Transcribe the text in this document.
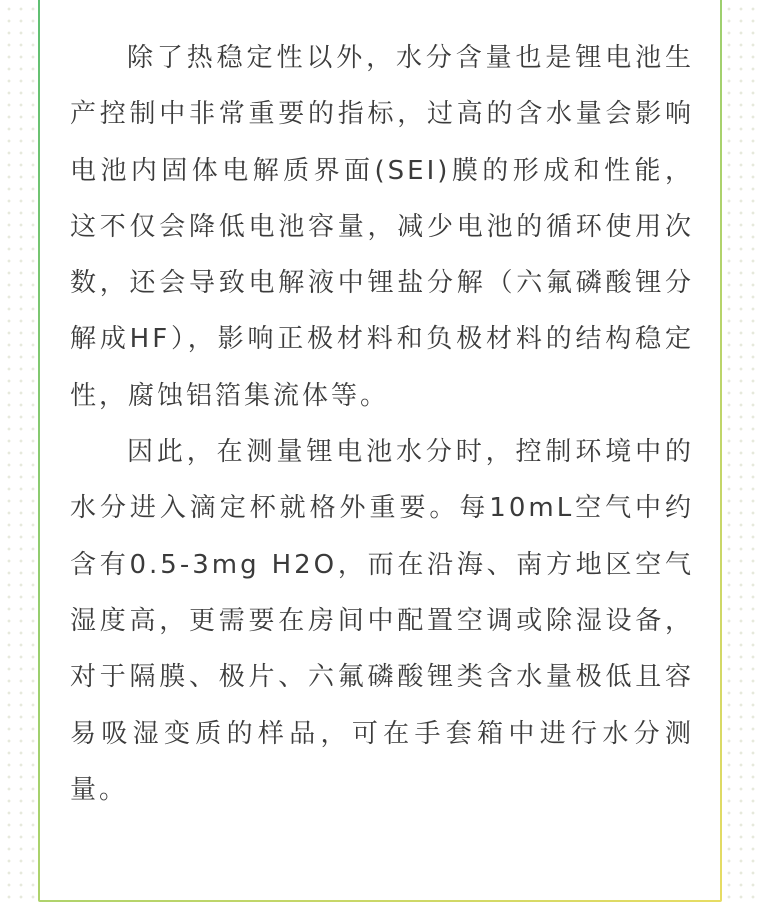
除了热稳定性以外，水分含量也是锂电池生产控制中非常重要的指标，过高的含水量会影响电池内固体电解质界面(SEI)膜的形成和性能，这不仅会降低电池容量，减少电池的循环使用次数，还会导致电解液中锂盐分解（六氟磷酸锂分解成HF），影响正极材料和负极材料的结构稳定性，腐蚀铝箔集流体等。

因此，在测量锂电池水分时，控制环境中的水分进入滴定杯就格外重要。每10mL空气中约含有0.5-3mg H2O，而在沿海、南方地区空气湿度高，更需要在房间中配置空调或除湿设备，对于隔膜、极片、六氟磷酸锂类含水量极低且容易吸湿变质的样品，可在手套箱中进行水分测量。
